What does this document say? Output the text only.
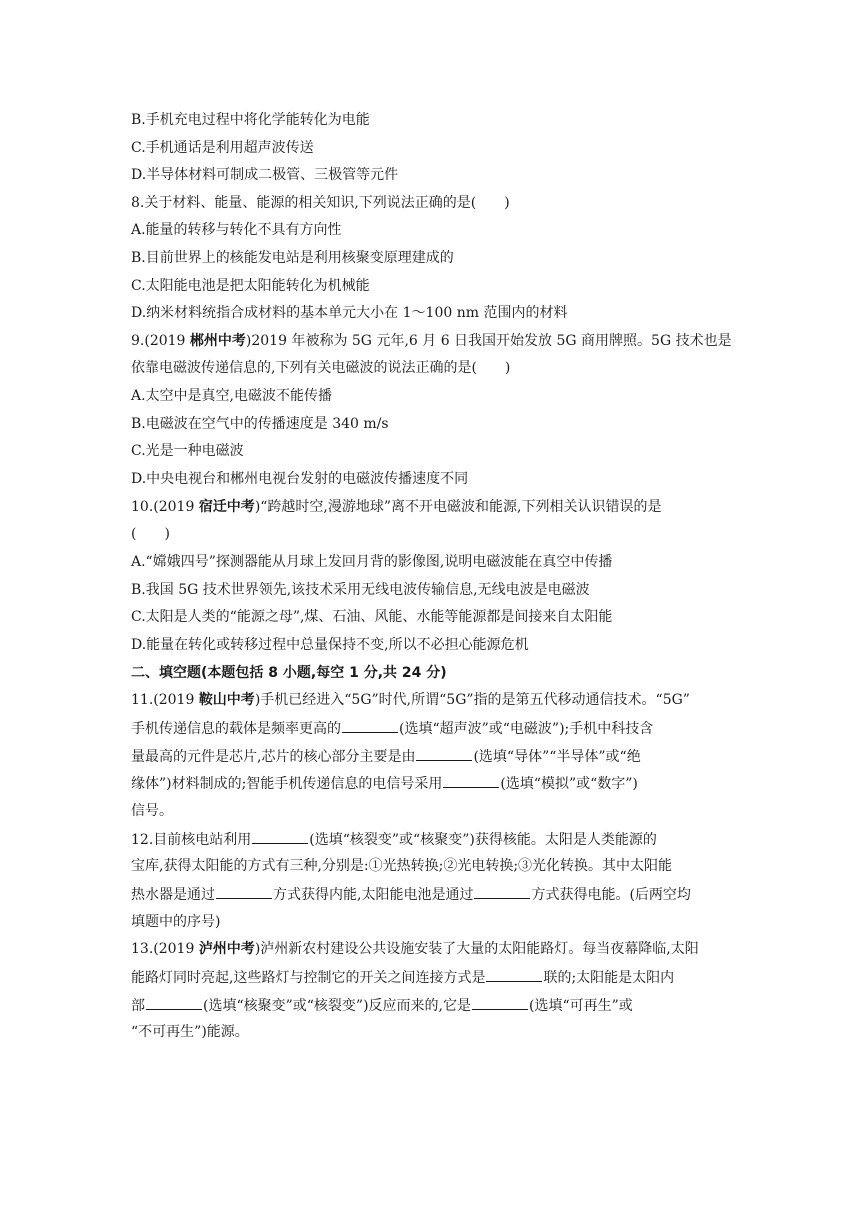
B.手机充电过程中将化学能转化为电能
C.手机通话是利用超声波传送
D.半导体材料可制成二极管、三极管等元件
8.关于材料、能量、能源的相关知识,下列说法正确的是(　　)
A.能量的转移与转化不具有方向性
B.目前世界上的核能发电站是利用核聚变原理建成的
C.太阳能电池是把太阳能转化为机械能
D.纳米材料统指合成材料的基本单元大小在 1～100 nm 范围内的材料
9.(2019 郴州中考)2019 年被称为 5G 元年,6 月 6 日我国开始发放 5G 商用牌照。5G 技术也是
依靠电磁波传递信息的,下列有关电磁波的说法正确的是(　　)
A.太空中是真空,电磁波不能传播
B.电磁波在空气中的传播速度是 340 m/s
C.光是一种电磁波
D.中央电视台和郴州电视台发射的电磁波传播速度不同
10.(2019 宿迁中考)“跨越时空,漫游地球”离不开电磁波和能源,下列相关认识错误的是
(　　)
A.“嫦娥四号”探测器能从月球上发回月背的影像图,说明电磁波能在真空中传播
B.我国 5G 技术世界领先,该技术采用无线电波传输信息,无线电波是电磁波
C.太阳是人类的“能源之母”,煤、石油、风能、水能等能源都是间接来自太阳能
D.能量在转化或转移过程中总量保持不变,所以不必担心能源危机
二、填空题(本题包括 8 小题,每空 1 分,共 24 分)
11.(2019 鞍山中考)手机已经进入“5G”时代,所谓“5G”指的是第五代移动通信技术。“5G”
手机传递信息的载体是频率更高的	(选填“超声波”或“电磁波”);手机中科技含
量最高的元件是芯片,芯片的核心部分主要是由	(选填“导体”“半导体”或“绝
缘体”)材料制成的;智能手机传递信息的电信号采用	(选填“模拟”或“数字”)
信号。
12.目前核电站利用	(选填“核裂变”或“核聚变”)获得核能。太阳是人类能源的
宝库,获得太阳能的方式有三种,分别是:①光热转换;②光电转换;③光化转换。其中太阳能
热水器是通过	方式获得内能,太阳能电池是通过	方式获得电能。(后两空均
填题中的序号)
13.(2019 泸州中考)泸州新农村建设公共设施安装了大量的太阳能路灯。每当夜幕降临,太阳
能路灯同时亮起,这些路灯与控制它的开关之间连接方式是	联的;太阳能是太阳内
部	(选填“核聚变”或“核裂变”)反应而来的,它是	(选填“可再生”或
“不可再生”)能源。
